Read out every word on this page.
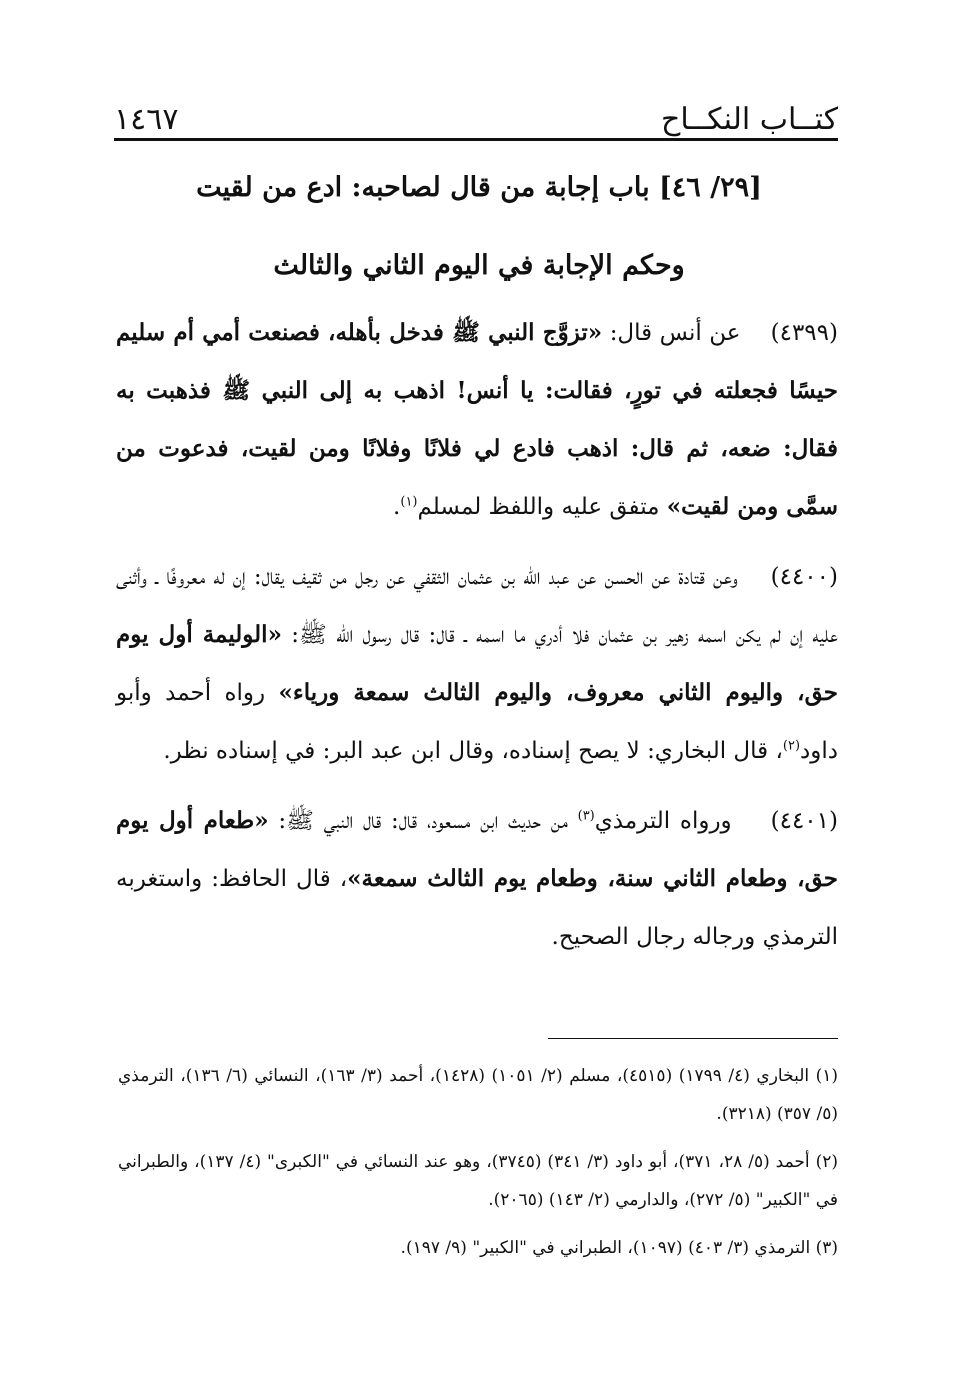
كتــاب النكــاح
١٤٦٧
[٢٩/ ٤٦] باب إجابة من قال لصاحبه: ادع من لقيت
وحكم الإجابة في اليوم الثاني والثالث

(٤٣٩٩)    عن أنس قال: «تزوَّج النبي ﷺ فدخل بأهله، فصنعت أمي أم سليم حيسًا فجعلته في تورٍ، فقالت: يا أنس! اذهب به إلى النبي ﷺ فذهبت به فقال: ضعه، ثم قال: اذهب فادع لي فلانًا وفلانًا ومن لقيت، فدعوت من سمَّى ومن لقيت» متفق عليه واللفظ لمسلم$^{(١)}$.

(٤٤٠٠)    وعن قتادة عن الحسن عن عبد الله بن عثمان الثقفي عن رجل من ثقيف يقال: إن له معروفًا ـ وأثنى عليه إن لم يكن اسمه زهير بن عثمان فلا أدري ما اسمه ـ قال: قال رسول الله ﷺ: «الوليمة أول يوم حق، واليوم الثاني معروف، واليوم الثالث سمعة ورياء» رواه أحمد وأبو داود$^{(٢)}$، قال البخاري: لا يصح إسناده، وقال ابن عبد البر: في إسناده نظر.

(٤٤٠١)    ورواه الترمذي$^{(٣)}$ من حديث ابن مسعود، قال: قال النبي ﷺ: «طعام أول يوم حق، وطعام الثاني سنة، وطعام يوم الثالث سمعة»، قال الحافظ: واستغربه الترمذي ورجاله رجال الصحيح.

(١) البخاري (٤/ ١٧٩٩) (٤٥١٥)، مسلم (٢/ ١٠٥١) (١٤٢٨)، أحمد (٣/ ١٦٣)، النسائي (٦/ ١٣٦)، الترمذي (٥/ ٣٥٧) (٣٢١٨).

(٢) أحمد (٥/ ٢٨، ٣٧١)، أبو داود (٣/ ٣٤١) (٣٧٤٥)، وهو عند النسائي في "الكبرى" (٤/ ١٣٧)، والطبراني في "الكبير" (٥/ ٢٧٢)، والدارمي (٢/ ١٤٣) (٢٠٦٥).

(٣) الترمذي (٣/ ٤٠٣) (١٠٩٧)، الطبراني في "الكبير" (٩/ ١٩٧).
